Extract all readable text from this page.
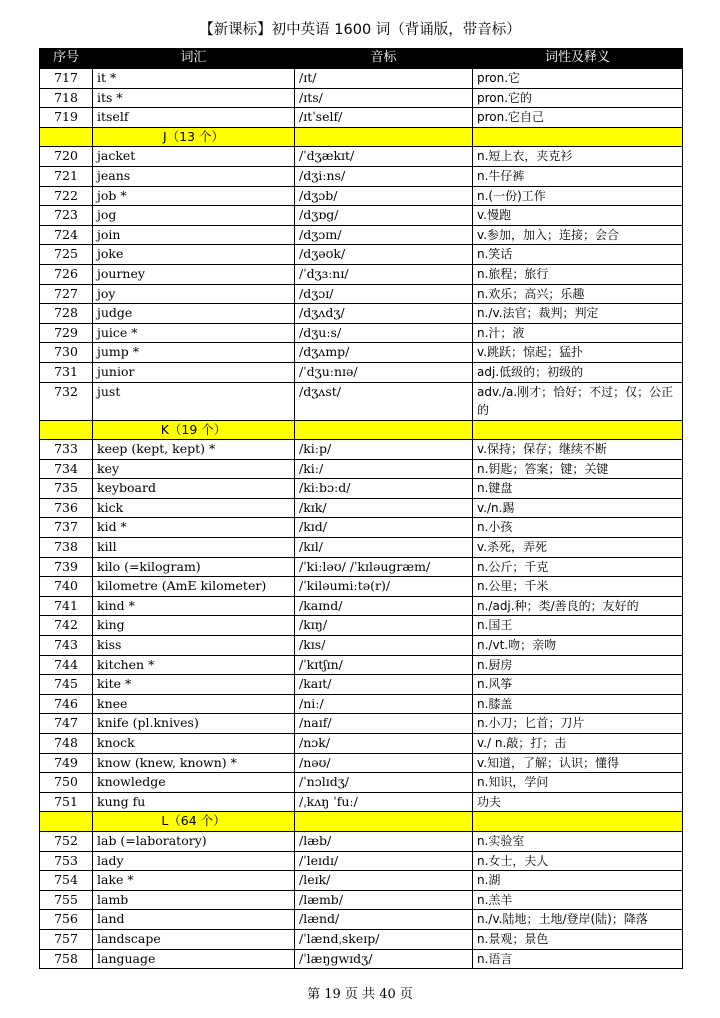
【新课标】初中英语 1600 词（背诵版，带音标）
序号	词汇	音标	词性及释义
717	it *	/ɪt/	pron.它
718	its *	/ɪts/	pron.它的
719	itself	/ɪtˈself/	pron.它自己
	J（13 个）		
720	jacket	/ˈdʒækɪt/	n.短上衣，夹克衫
721	jeans	/dʒiːns/	n.牛仔裤
722	job *	/dʒɔb/	n.(一份)工作
723	jog	/dʒɒg/	v.慢跑
724	join	/dʒɔɪn/	v.参加，加入；连接；会合
725	joke	/dʒəʊk/	n.笑话
726	journey	/ˈdʒɜːnɪ/	n.旅程；旅行
727	joy	/dʒɔɪ/	n.欢乐；高兴；乐趣
728	judge	/dʒʌdʒ/	n./v.法官；裁判；判定
729	juice *	/dʒuːs/	n.汁；液
730	jump *	/dʒʌmp/	v.跳跃；惊起；猛扑
731	junior	/ˈdʒuːnɪə/	adj.低级的；初级的
732	just	/dʒʌst/	adv./a.刚才；恰好；不过；仅；公正的
	K（19 个）		
733	keep (kept, kept) *	/kiːp/	v.保持；保存；继续不断
734	key	/kiː/	n.钥匙；答案；键；关键
735	keyboard	/kiːbɔːd/	n.键盘
736	kick	/kɪk/	v./n.踢
737	kid *	/kɪd/	n.小孩
738	kill	/kɪl/	v.杀死，弄死
739	kilo (=kilogram)	/ˈkiːləʊ/ /ˈkɪləugræm/	n.公斤；千克
740	kilometre (AmE kilometer)	/ˈkiləumiːtə(r)/	n.公里；千米
741	kind *	/kaɪnd/	n./adj.种；类/善良的；友好的
742	king	/kɪŋ/	n.国王
743	kiss	/kɪs/	n./vt.吻；亲吻
744	kitchen *	/ˈkɪtʃɪn/	n.厨房
745	kite *	/kaɪt/	n.风筝
746	knee	/niː/	n.膝盖
747	knife (pl.knives)	/naɪf/	n.小刀；匕首；刀片
748	knock	/nɔk/	v./ n.敲；打；击
749	know (knew, known) *	/nəʊ/	v.知道，了解；认识；懂得
750	knowledge	/ˈnɔlɪdʒ/	n.知识，学问
751	kung fu	/ˌkʌŋ ˈfuː/	功夫
	L（64 个）		
752	lab (=laboratory)	/læb/	n.实验室
753	lady	/ˈleɪdɪ/	n.女士，夫人
754	lake *	/leɪk/	n.湖
755	lamb	/læmb/	n.羔羊
756	land	/lænd/	n./v.陆地；土地/登岸(陆)；降落
757	landscape	/ˈlændˌskeɪp/	n.景观；景色
758	language	/ˈlæŋgwɪdʒ/	n.语言
第 19 页 共 40 页
